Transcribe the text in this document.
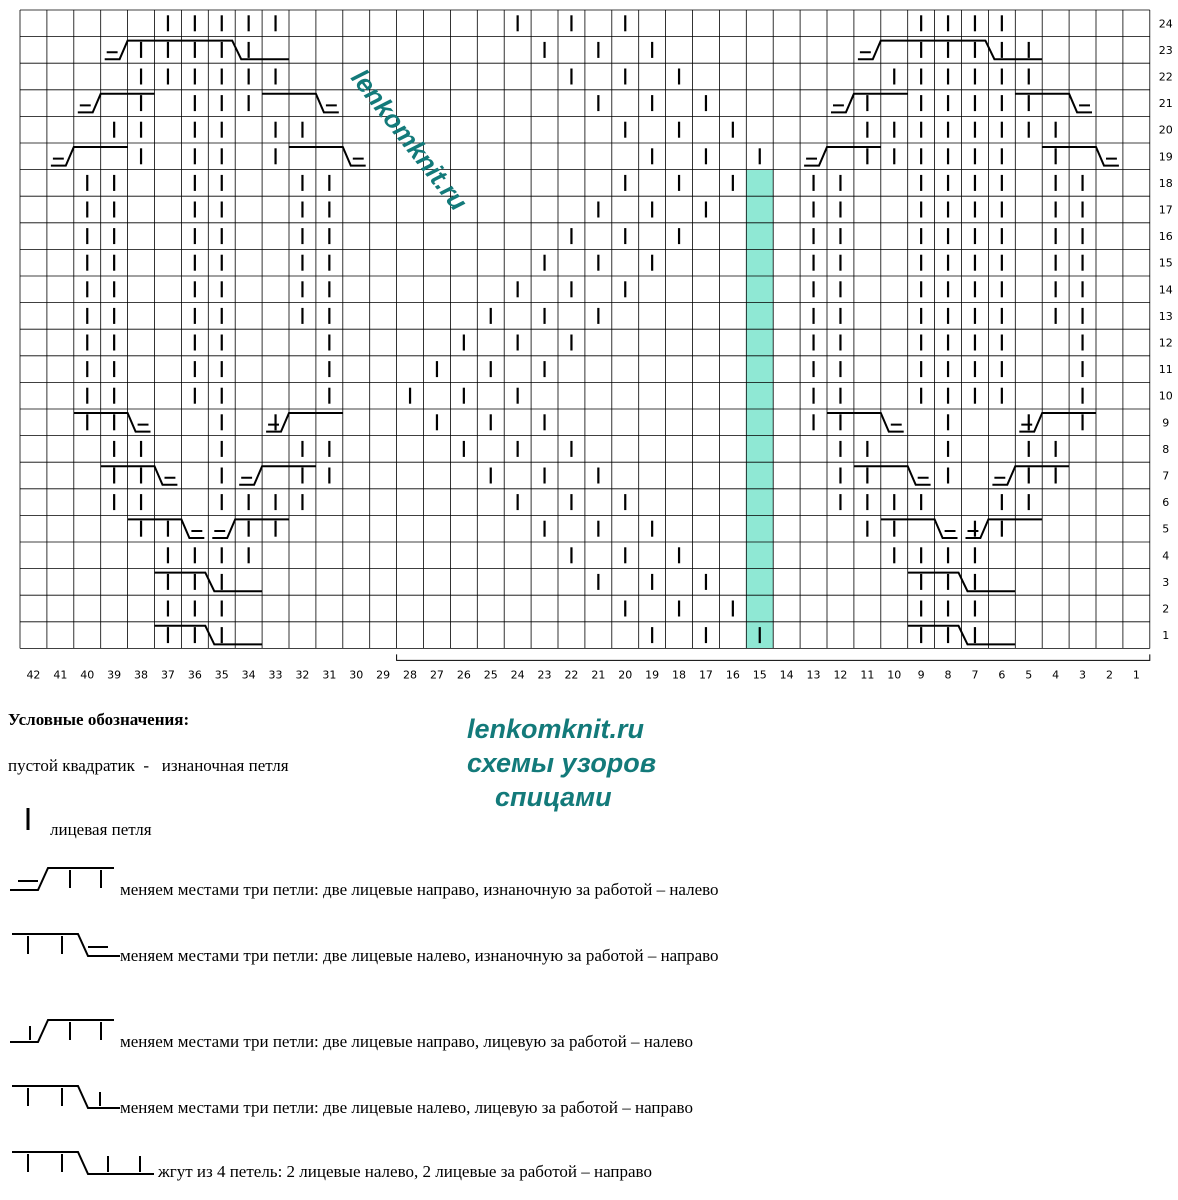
1
2
3
4
5
6
7
8
9
10
11
12
13
14
15
16
17
18
19
20
21
22
23
24
42 41 40 39 38 37 36 35 34 33 32 31 30 29 28 27 26 25 24 23 22 21 20 19 18 17 16 15 14 13 12 11 10 9 8 7 6 5 4 3 2 1
lenkomknit.ru
Условные обозначения:
пустой квадратик  -   изнаночная петля
лицевая петля
меняем местами три петли: две лицевые направо, изнаночную за работой – налево
меняем местами три петли: две лицевые налево, изнаночную за работой – направо
меняем местами три петли: две лицевые направо, лицевую за работой – налево
меняем местами три петли: две лицевые налево, лицевую за работой – направо
жгут из 4 петель: 2 лицевые налево, 2 лицевые за работой – направо
lenkomknit.ru
схемы узоров
спицами
